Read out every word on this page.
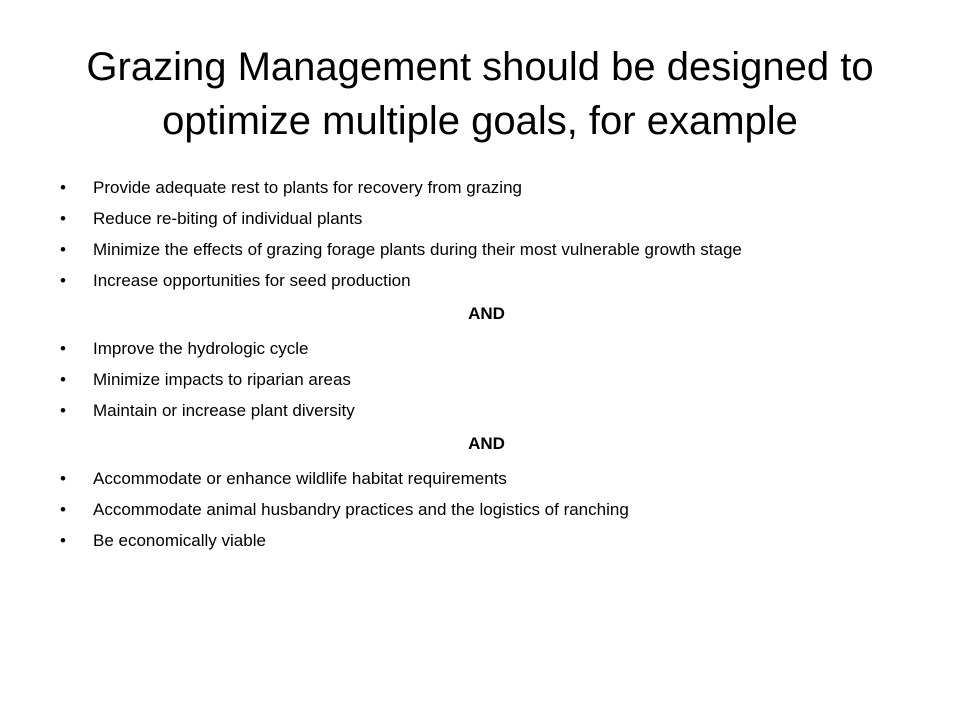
Grazing Management should be designed to optimize multiple goals, for example
• Provide adequate rest to plants for recovery from grazing
• Reduce re-biting of individual plants
• Minimize the effects of grazing forage plants during their most vulnerable growth stage
• Increase opportunities for seed production
AND
• Improve the hydrologic cycle
• Minimize impacts to riparian areas
• Maintain or increase plant diversity
AND
• Accommodate or enhance wildlife habitat requirements
• Accommodate animal husbandry practices and the logistics of ranching
• Be economically viable
